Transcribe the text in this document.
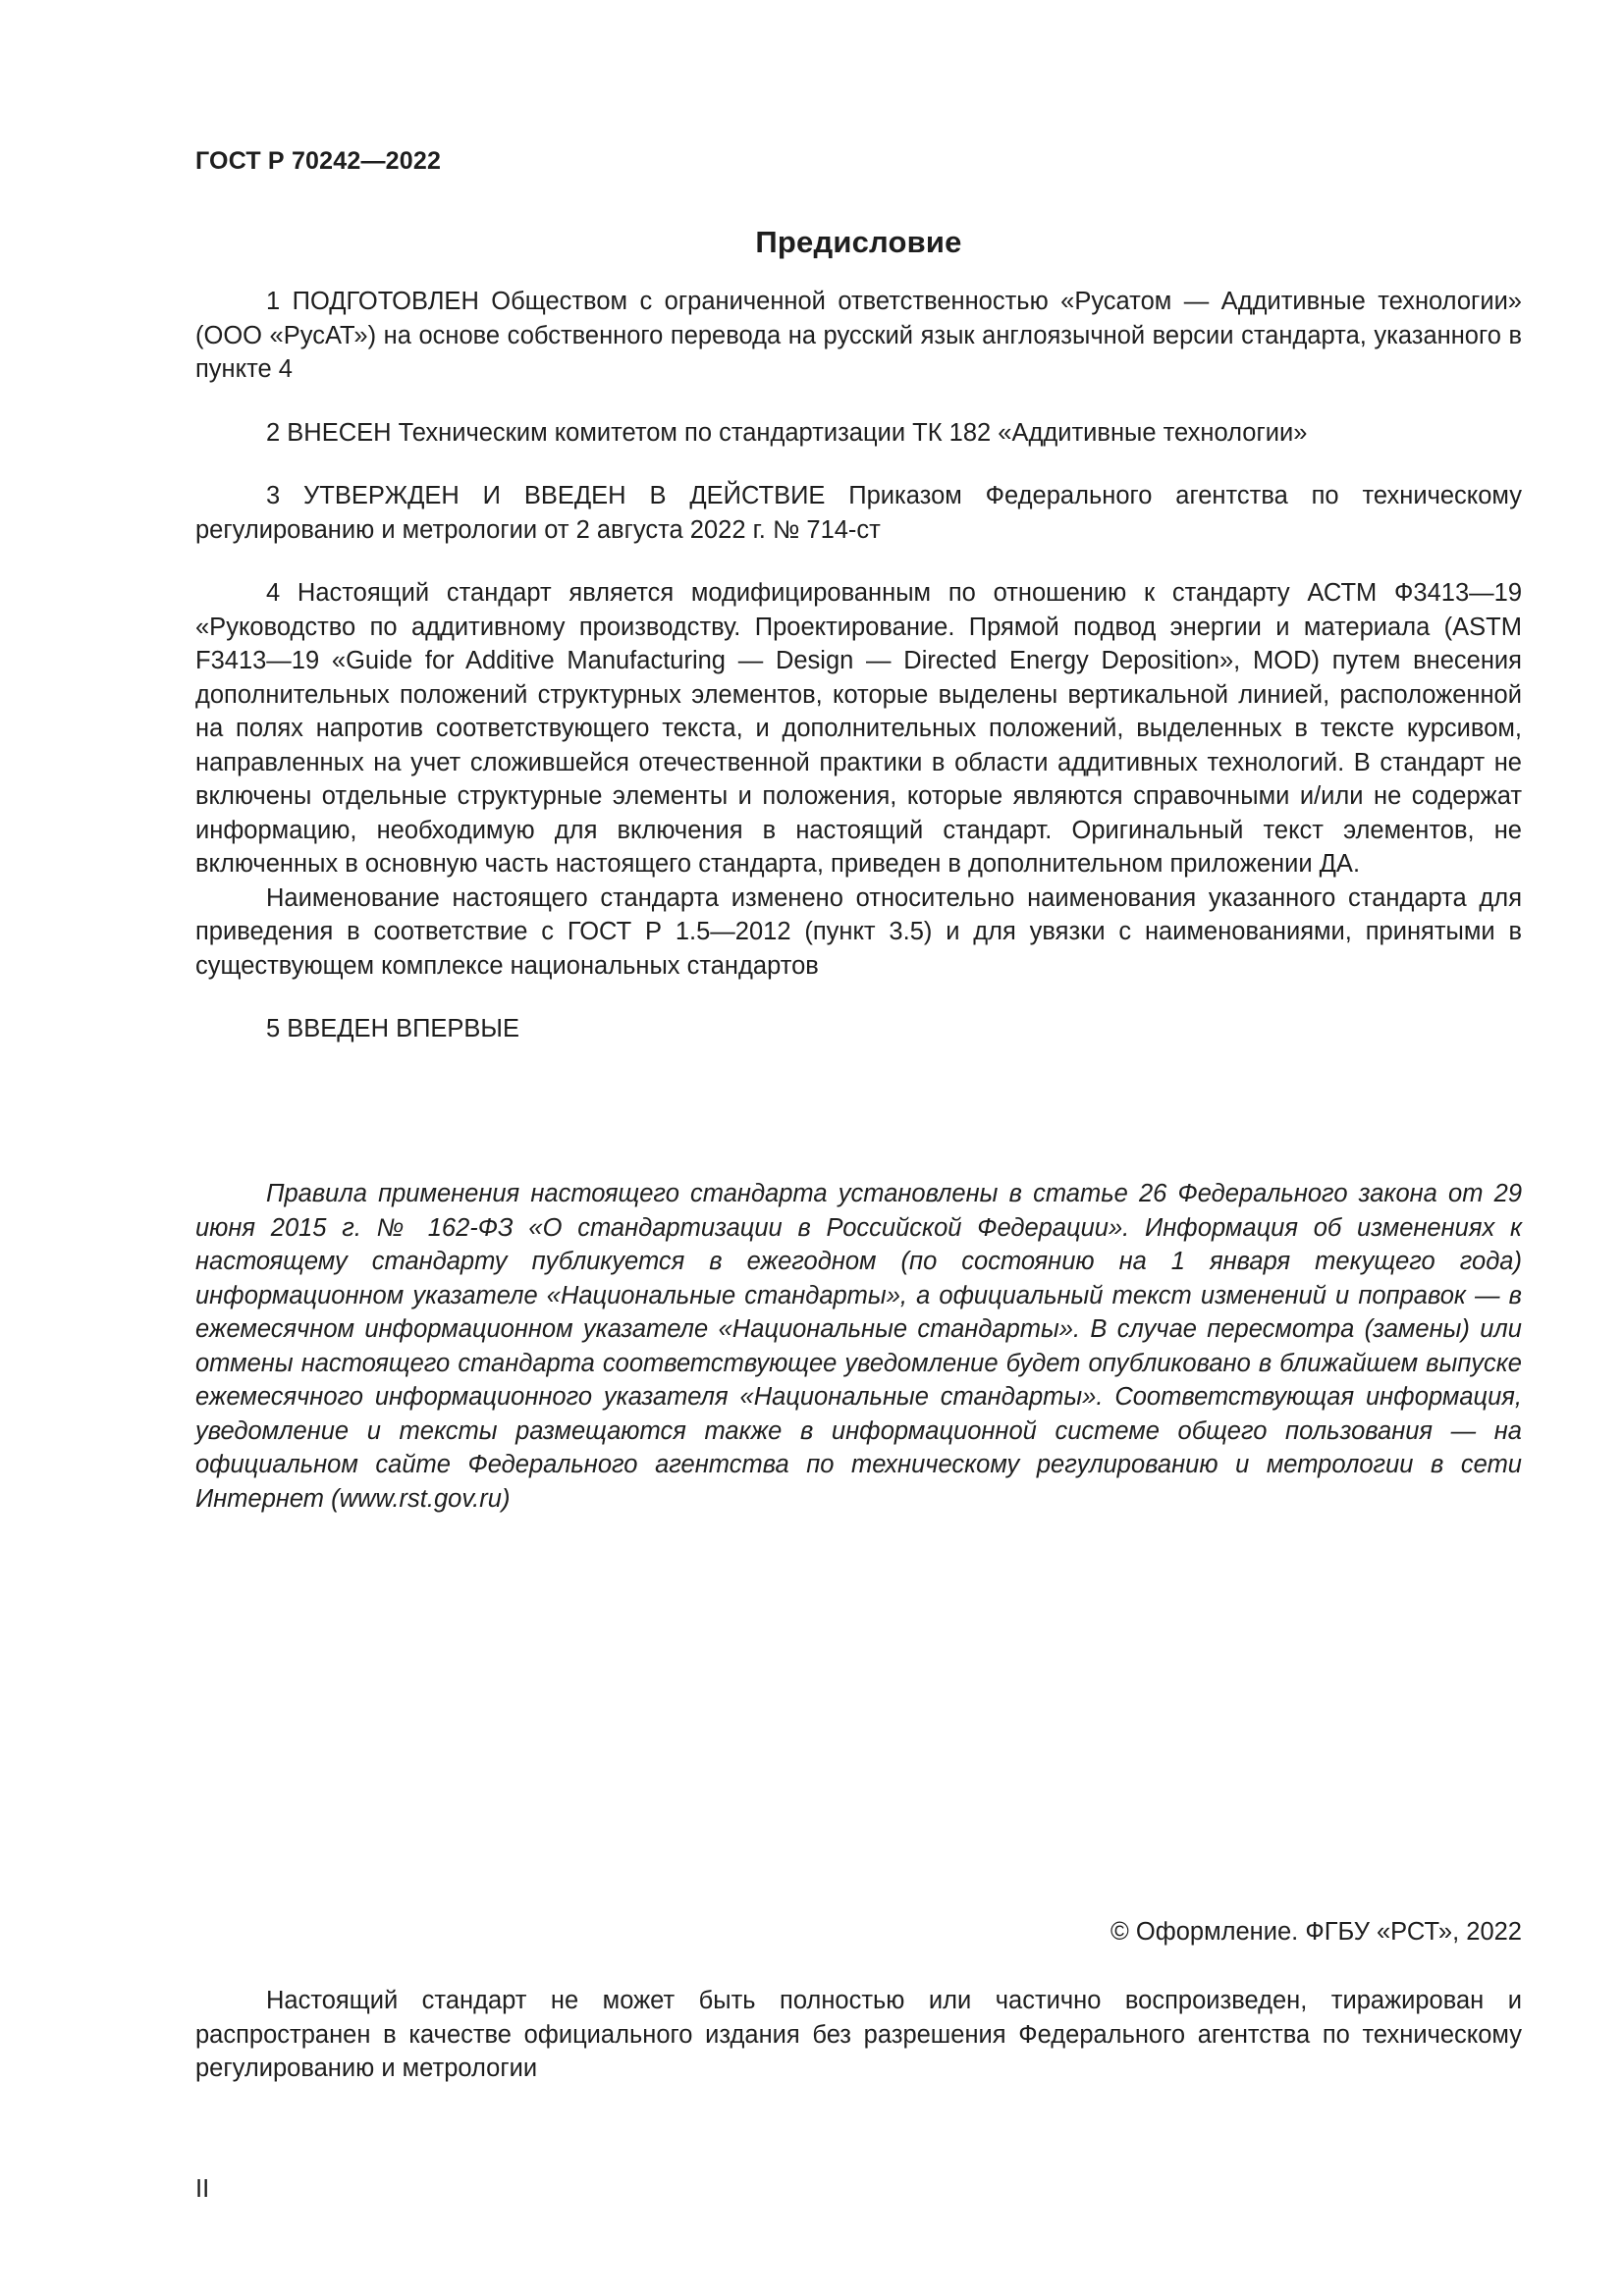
ГОСТ Р 70242—2022
Предисловие

1 ПОДГОТОВЛЕН Обществом с ограниченной ответственностью «Русатом — Аддитивные технологии» (ООО «РусАТ») на основе собственного перевода на русский язык англоязычной версии стандарта, указанного в пункте 4

2 ВНЕСЕН Техническим комитетом по стандартизации ТК 182 «Аддитивные технологии»

3 УТВЕРЖДЕН И ВВЕДЕН В ДЕЙСТВИЕ Приказом Федерального агентства по техническому регулированию и метрологии от 2 августа 2022 г. № 714-ст

4 Настоящий стандарт является модифицированным по отношению к стандарту АСТМ Ф3413—19 «Руководство по аддитивному производству. Проектирование. Прямой подвод энергии и материала (ASTM F3413—19 «Guide for Additive Manufacturing — Design — Directed Energy Deposition», MOD) путем внесения дополнительных положений структурных элементов, которые выделены вертикальной линией, расположенной на полях напротив соответствующего текста, и дополнительных положений, выделенных в тексте курсивом, направленных на учет сложившейся отечественной практики в области аддитивных технологий. В стандарт не включены отдельные структурные элементы и положения, которые являются справочными и/или не содержат информацию, необходимую для включения в настоящий стандарт. Оригинальный текст элементов, не включенных в основную часть настоящего стандарта, приведен в дополнительном приложении ДА.

Наименование настоящего стандарта изменено относительно наименования указанного стандарта для приведения в соответствие с ГОСТ Р 1.5—2012 (пункт 3.5) и для увязки с наименованиями, принятыми в существующем комплексе национальных стандартов

5 ВВЕДЕН ВПЕРВЫЕ

Правила применения настоящего стандарта установлены в статье 26 Федерального закона от 29 июня 2015 г. № 162-ФЗ «О стандартизации в Российской Федерации». Информация об изменениях к настоящему стандарту публикуется в ежегодном (по состоянию на 1 января текущего года) информационном указателе «Национальные стандарты», а официальный текст изменений и поправок — в ежемесячном информационном указателе «Национальные стандарты». В случае пересмотра (замены) или отмены настоящего стандарта соответствующее уведомление будет опубликовано в ближайшем выпуске ежемесячного информационного указателя «Национальные стандарты». Соответствующая информация, уведомление и тексты размещаются также в информационной системе общего пользования — на официальном сайте Федерального агентства по техническому регулированию и метрологии в сети Интернет (www.rst.gov.ru)

© Оформление. ФГБУ «РСТ», 2022

Настоящий стандарт не может быть полностью или частично воспроизведен, тиражирован и распространен в качестве официального издания без разрешения Федерального агентства по техническому регулированию и метрологии

II
